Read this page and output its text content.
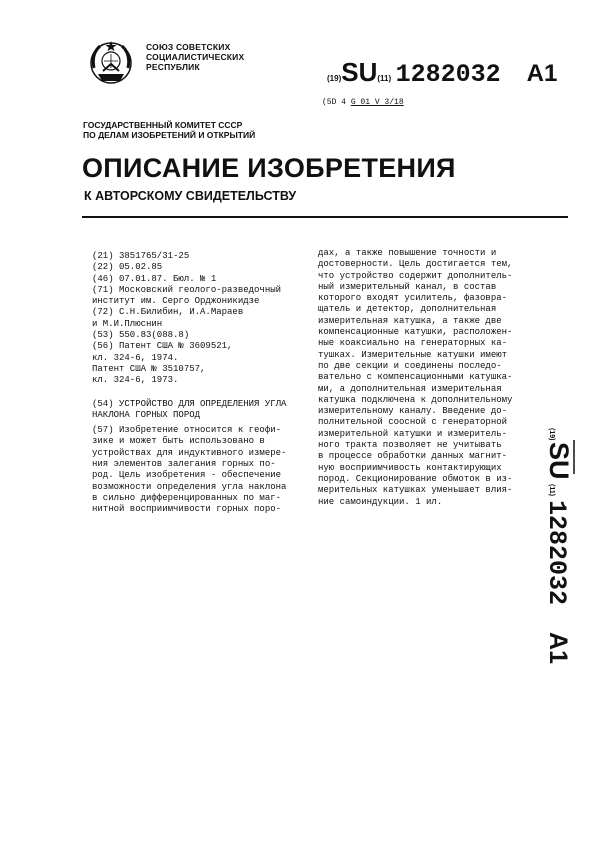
СОЮЗ СОВЕТСКИХ
СОЦИАЛИСТИЧЕСКИХ
РЕСПУБЛИК
(19)SU(11) 1282032 A1
(5D 4 G 01 V 3/18
ГОСУДАРСТВЕННЫЙ КОМИТЕТ СССР
ПО ДЕЛАМ ИЗОБРЕТЕНИЙ И ОТКРЫТИЙ
ОПИСАНИЕ ИЗОБРЕТЕНИЯ
К АВТОРСКОМУ СВИДЕТЕЛЬСТВУ
(21) 3851765/31-25
(22) 05.02.85
(46) 07.01.87. Бюл. № 1
(71) Московский геолого-разведочный
институт им. Серго Орджоникидзе
(72) С.Н.Билибин, И.А.Мараев
и М.И.Плюснин
(53) 550.83(088.8)
(56) Патент США № 3609521,
кл. 324-6, 1974.
Патент США № 3510757,
кл. 324-6, 1973.
(54) УСТРОЙСТВО ДЛЯ ОПРЕДЕЛЕНИЯ УГЛА
НАКЛОНА ГОРНЫХ ПОРОД
(57) Изобретение относится к геофи-
зике и может быть использовано в
устройствах для индуктивного измере-
ния элементов залегания горных по-
род. Цель изобретения - обеспечение
возможности определения угла наклона
в сильно дифференцированных по маг-
нитной восприимчивости горных поро-
дах, а также повышение точности и
достоверности. Цель достигается тем,
что устройство содержит дополнитель-
ный измерительный канал, в состав
которого входят усилитель, фазовра-
щатель и детектор, дополнительная
измерительная катушка, а также две
компенсационные катушки, расположен-
ные коаксиально на генераторных ка-
тушках. Измерительные катушки имеют
по две секции и соединены последо-
вательно с компенсационными катушка-
ми, а дополнительная измерительная
катушка подключена к дополнительному
измерительному каналу. Введение до-
полнительной соосной с генераторной
измерительной катушки и измеритель-
ного тракта позволяет не учитывать
в процессе обработки данных магнит-
ную восприимчивость контактирующих
пород. Секционирование обмоток в из-
мерительных катушках уменьшает влия-
ние самоиндукции. 1 ил.
(19)
SU
(11)
1282032
A1
